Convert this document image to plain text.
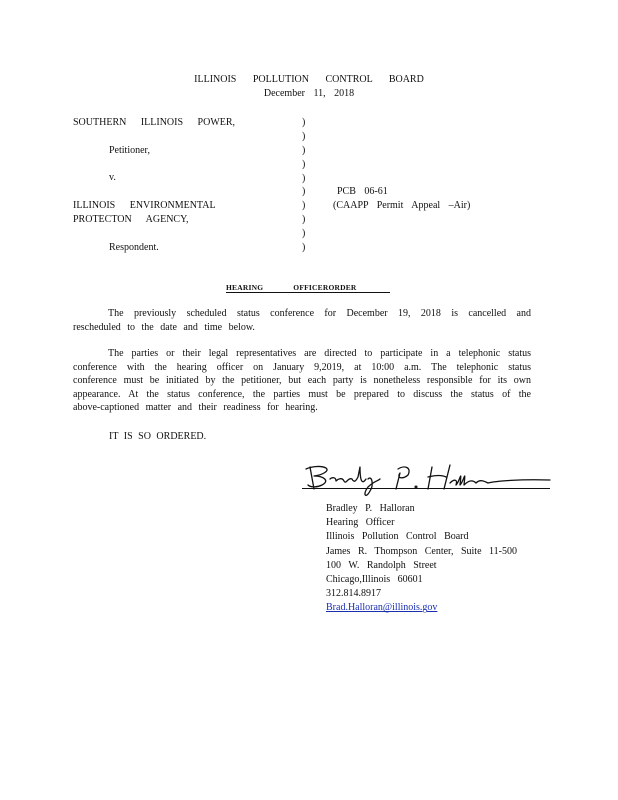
ILLINOIS POLLUTION CONTROL BOARD
December 11, 2018
SOUTHERN ILLINOIS POWER,
Petitioner,
v.
ILLINOIS ENVIRONMENTAL
PROTECTON AGENCY,
Respondent.
)
)
)
)
)
)
)
)
)
)
PCB 06-61
(CAAPP Permit Appeal –Air)
HEARING OFFICERORDER
The previously scheduled status conference for December 19, 2018 is cancelled and rescheduled to the date and time below.
The parties or their legal representatives are directed to participate in a telephonic status conference with the hearing officer on January 9,2019, at 10:00 a.m. The telephonic status conference must be initiated by the petitioner, but each party is nonetheless responsible for its own appearance. At the status conference, the parties must be prepared to discuss the status of the above-captioned matter and their readiness for hearing.
IT IS SO ORDERED.
Bradley P. Halloran
Hearing Officer
Illinois Pollution Control Board
James R. Thompson Center, Suite 11-500
100 W. Randolph Street
Chicago,Illinois 60601
312.814.8917
Brad.Halloran@illinois.gov
